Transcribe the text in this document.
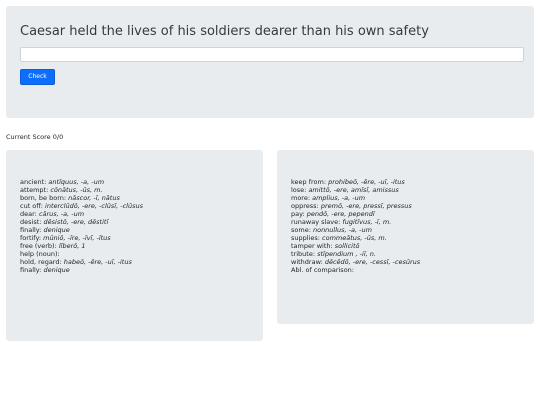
Caesar held the lives of his soldiers dearer than his own safety
Check
Current Score 0/0
ancient: antīquus, -a, -um
attempt: cōnātus, -ūs, m.
born, be born: nāscor, -ī, nātus
cut off: interclūdō, -ere, -clūsī, -clūsus
dear: cārus, -a, -um
desist: dēsistō, -ere, dēstitī
finally: denique
fortify: mūniō, -īre, -īvī, -ītus
free (verb): līberō, 1
help (noun):
hold, regard: habeō, -ēre, -uī, -itus
finally: denique
keep from: prohibeō, -ēre, -uī, -itus
lose: amittō, -ere, amīsī, amissus
more: amplius, -a, -um
oppress: premō, -ere, pressī, pressus
pay: pendō, -ere, pependī
runaway slave: fugitīvus, -ī, m.
some: nonnullus, -a, -um
supplies: commeātus, -ūs, m.
tamper with: sollicitō
tribute: stīpendium , -iī, n.
withdraw: dēcēdō, -ere, -cessī, -cesūrus
Abl. of comparison:
